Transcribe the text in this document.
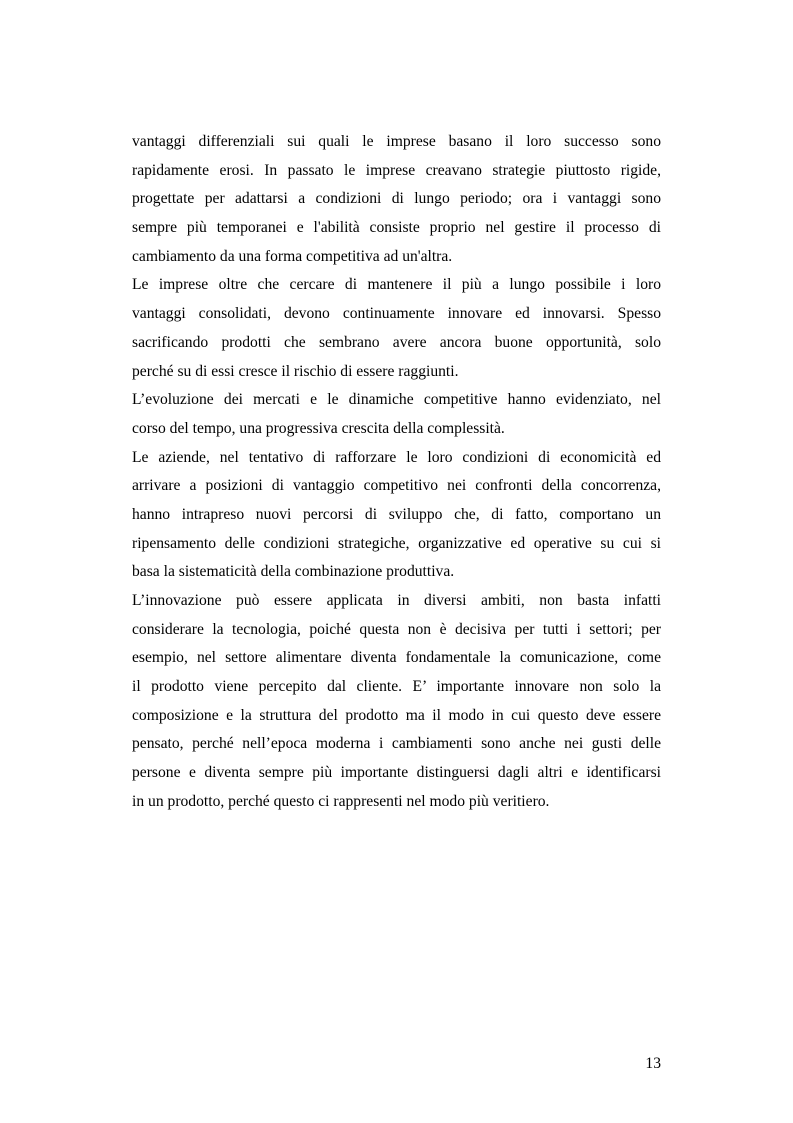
vantaggi differenziali sui quali le imprese basano il loro successo sono
rapidamente erosi. In passato le imprese creavano strategie piuttosto rigide,
progettate per adattarsi a condizioni di lungo periodo; ora i vantaggi sono
sempre più temporanei e l'abilità consiste proprio nel gestire il processo di
cambiamento da una forma competitiva ad un'altra.
Le imprese oltre che cercare di mantenere il più a lungo possibile i loro
vantaggi consolidati, devono continuamente innovare ed innovarsi. Spesso
sacrificando prodotti che sembrano avere ancora buone opportunità, solo
perché su di essi cresce il rischio di essere raggiunti.
L’evoluzione dei mercati e le dinamiche competitive hanno evidenziato, nel
corso del tempo, una progressiva crescita della complessità.
Le aziende, nel tentativo di rafforzare le loro condizioni di economicità ed
arrivare a posizioni di vantaggio competitivo nei confronti della concorrenza,
hanno intrapreso nuovi percorsi di sviluppo che, di fatto, comportano un
ripensamento delle condizioni strategiche, organizzative ed operative su cui si
basa la sistematicità della combinazione produttiva.
L’innovazione può essere applicata in diversi ambiti, non basta infatti
considerare la tecnologia, poiché questa non è decisiva per tutti i settori; per
esempio, nel settore alimentare diventa fondamentale la comunicazione, come
il prodotto viene percepito dal cliente. E’ importante innovare non solo la
composizione e la struttura del prodotto ma il modo in cui questo deve essere
pensato, perché nell’epoca moderna i cambiamenti sono anche nei gusti delle
persone e diventa sempre più importante distinguersi dagli altri e identificarsi
in un prodotto, perché questo ci rappresenti nel modo più veritiero.

13
